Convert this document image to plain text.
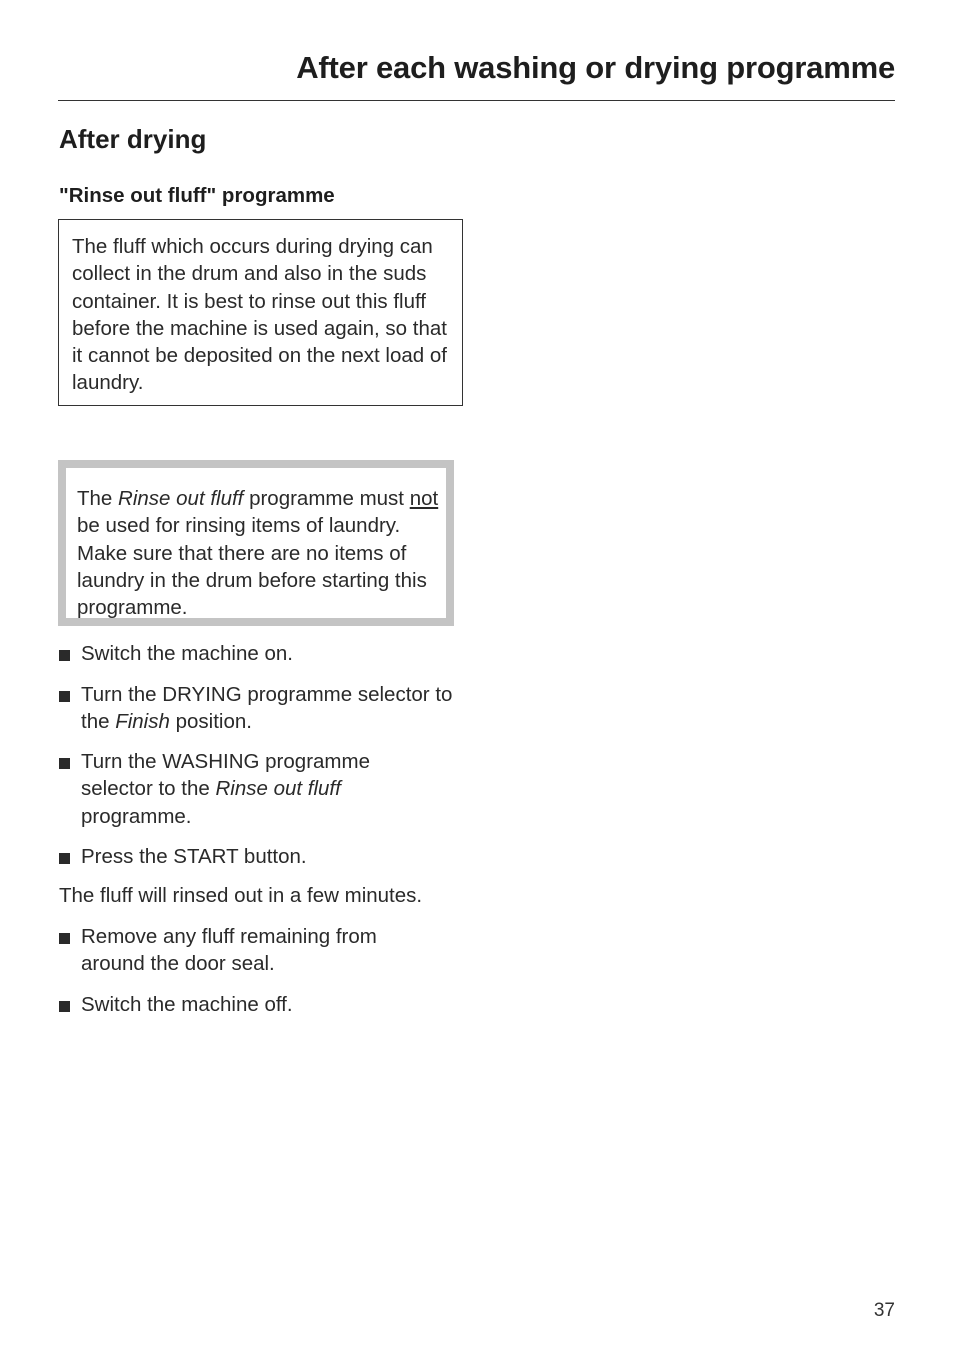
After each washing or drying programme
After drying
"Rinse out fluff" programme
The fluff which occurs during drying can collect in the drum and also in the suds container. It is best to rinse out this fluff before the machine is used again, so that it cannot be deposited on the next load of laundry.
The Rinse out fluff programme must not be used for rinsing items of laundry. Make sure that there are no items of laundry in the drum before starting this programme.
Switch the machine on.
Turn the DRYING programme selector to the Finish position.
Turn the WASHING programme selector to the Rinse out fluff programme.
Press the START button.
The fluff will rinsed out in a few minutes.
Remove any fluff remaining from around the door seal.
Switch the machine off.
37
